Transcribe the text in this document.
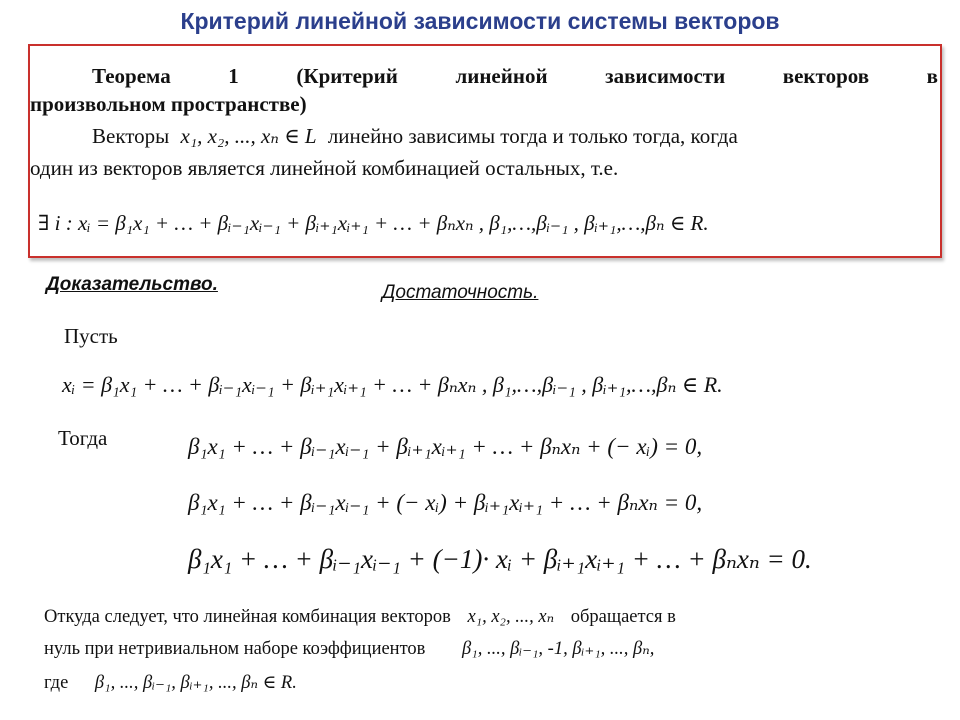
Критерий линейной зависимости системы векторов
Теорема 1 (Критерий линейной зависимости векторов в
произвольном пространстве)
Векторы x₁, x₂, ..., xₙ ∈ L линейно зависимы тогда и только тогда, когда
один из векторов является линейной комбинацией остальных, т.е.
∃ i : xᵢ = β₁x₁ + … + βᵢ₋₁xᵢ₋₁ + βᵢ₊₁xᵢ₊₁ + … + βₙxₙ , β₁,…,βᵢ₋₁ , βᵢ₊₁,…,βₙ ∈ R.
Доказательство.	Достаточность.
Пусть
xᵢ = β₁x₁ + … + βᵢ₋₁xᵢ₋₁ + βᵢ₊₁xᵢ₊₁ + … + βₙxₙ , β₁,…,βᵢ₋₁ , βᵢ₊₁,…,βₙ ∈ R.
Тогда	β₁x₁ + … + βᵢ₋₁xᵢ₋₁ + βᵢ₊₁xᵢ₊₁ + … + βₙxₙ + (− xᵢ) = 0,
β₁x₁ + … + βᵢ₋₁xᵢ₋₁ + (− xᵢ) + βᵢ₊₁xᵢ₊₁ + … + βₙxₙ = 0,
β₁x₁ + … + βᵢ₋₁xᵢ₋₁ + (−1)· xᵢ + βᵢ₊₁xᵢ₊₁ + … + βₙxₙ = 0.
Откуда следует, что линейная комбинация векторов x₁, x₂, ..., xₙ обращается в
нуль при нетривиальном наборе коэффициентов β₁, ..., βᵢ₋₁, -1, βᵢ₊₁, ..., βₙ,
где β₁, ..., βᵢ₋₁, βᵢ₊₁, ..., βₙ ∈ R.
